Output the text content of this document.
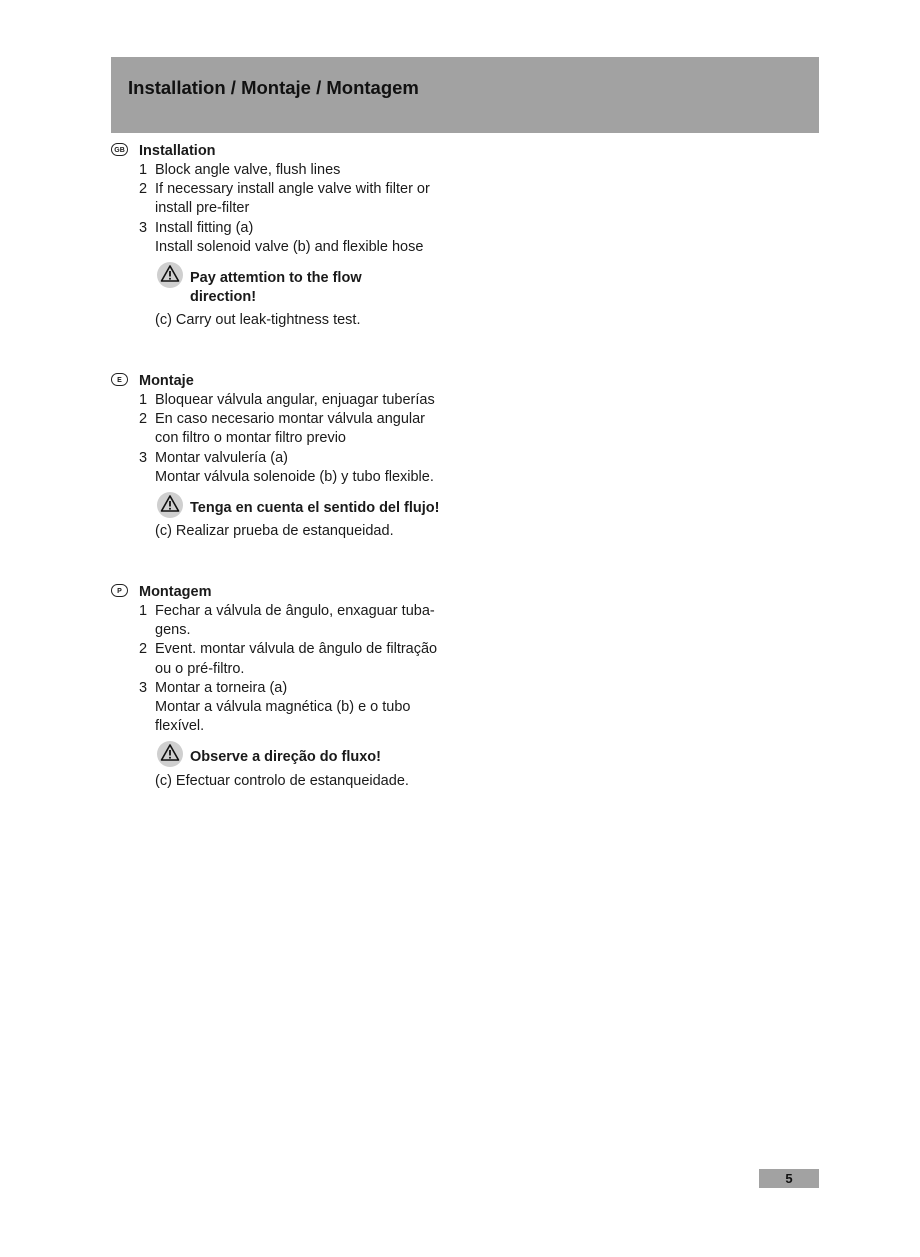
Installation / Montaje / Montagem
GB Installation
1 Block angle valve, flush lines
2 If necessary install angle valve with filter or install pre-filter
3 Install fitting (a)
Install solenoid valve (b) and flexible hose
Pay attemtion to the flow
direction!
(c) Carry out leak-tightness test.
E	Montaje
1 Bloquear válvula angular, enjuagar tuberías
2 En caso necesario montar válvula angular con filtro o montar filtro previo
3 Montar valvulería (a)
Montar válvula solenoide (b) y tubo flexible.
Tenga en cuenta el sentido del flujo!
(c) Realizar prueba de estanqueidad.
P	Montagem
1 Fechar a válvula de ângulo, enxaguar tuba-
gens.
2 Event. montar válvula de ângulo de filtração ou o pré-filtro.
3 Montar a torneira (a)
Montar a válvula magnética (b) e o tubo flexível.
Observe a direção do fluxo!
(c) Efectuar controlo de estanqueidade.
5
